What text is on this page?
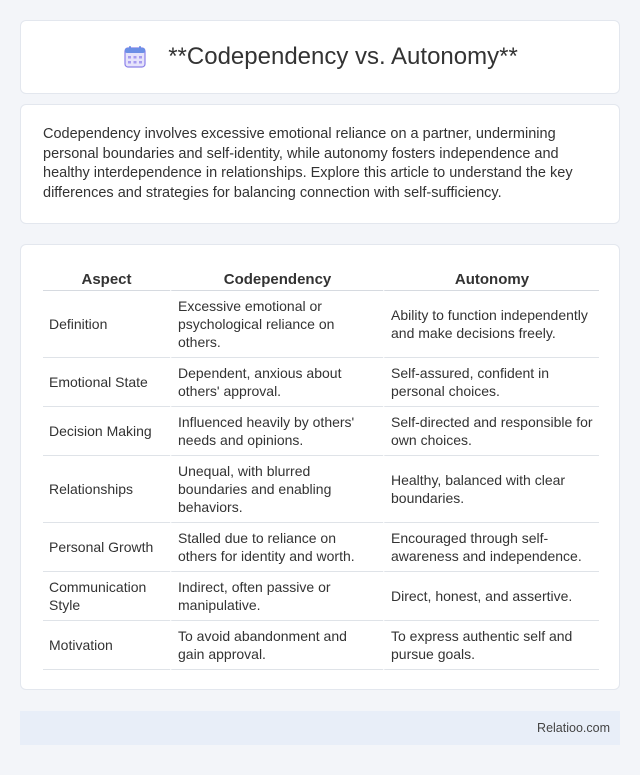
**Codependency vs. Autonomy**

Codependency involves excessive emotional reliance on a partner, undermining personal boundaries and self-identity, while autonomy fosters independence and healthy interdependence in relationships. Explore this article to understand the key differences and strategies for balancing connection with self-sufficiency.

Aspect	Codependency	Autonomy
Definition	Excessive emotional or psychological reliance on others.	Ability to function independently and make decisions freely.
Emotional State	Dependent, anxious about others' approval.	Self-assured, confident in personal choices.
Decision Making	Influenced heavily by others' needs and opinions.	Self-directed and responsible for own choices.
Relationships	Unequal, with blurred boundaries and enabling behaviors.	Healthy, balanced with clear boundaries.
Personal Growth	Stalled due to reliance on others for identity and worth.	Encouraged through self-awareness and independence.
Communication Style	Indirect, often passive or manipulative.	Direct, honest, and assertive.
Motivation	To avoid abandonment and gain approval.	To express authentic self and pursue goals.
Relatioo.com
